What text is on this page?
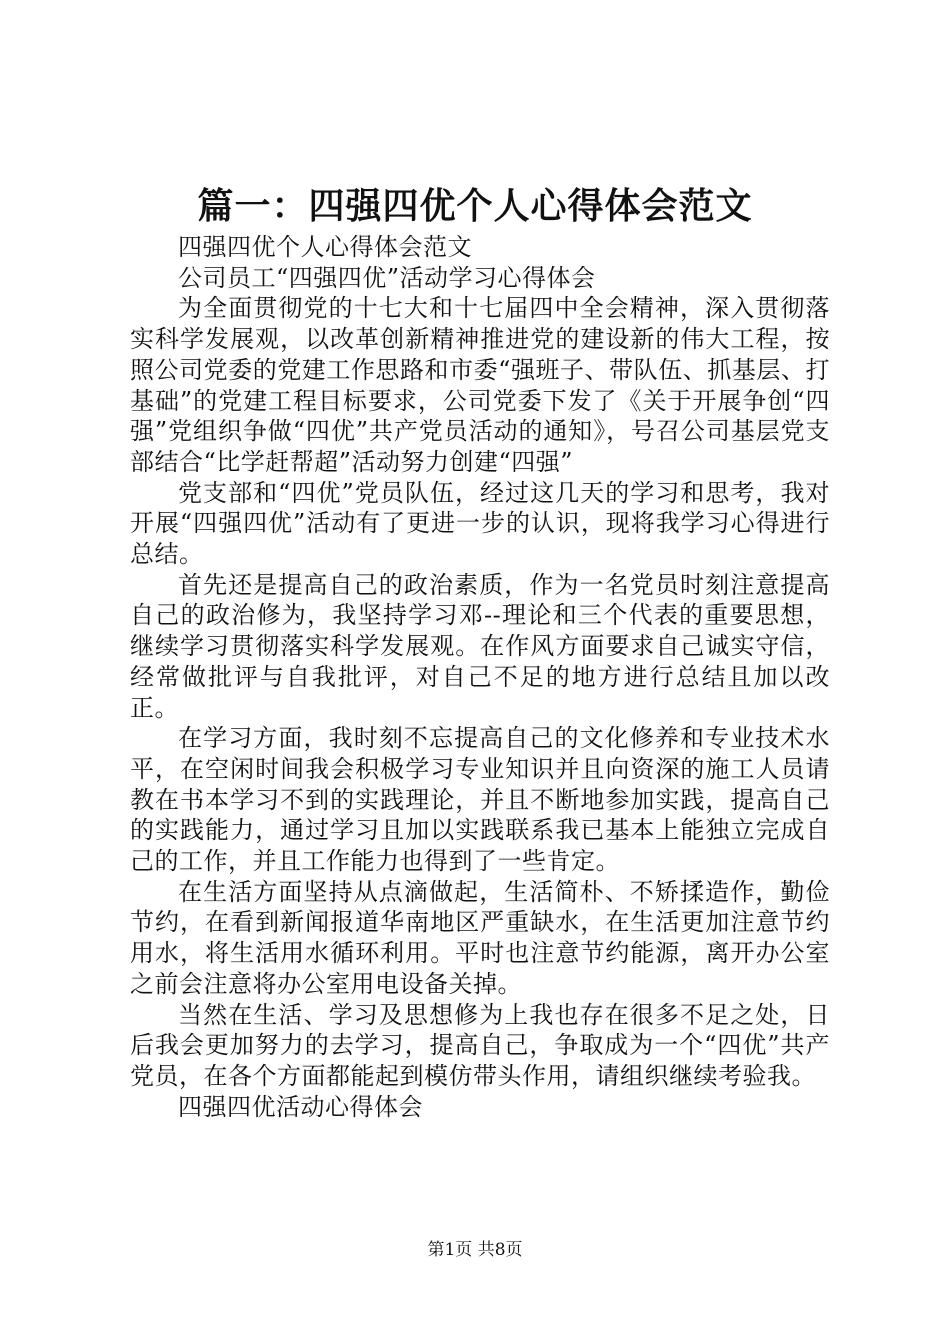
篇一：四强四优个人心得体会范文

四强四优个人心得体会范文

公司员工“四强四优”活动学习心得体会

为全面贯彻党的十七大和十七届四中全会精神，深入贯彻落实科学发展观，以改革创新精神推进党的建设新的伟大工程，按照公司党委的党建工作思路和市委“强班子、带队伍、抓基层、打基础”的党建工程目标要求，公司党委下发了《关于开展争创“四强”党组织争做“四优”共产党员活动的通知》，号召公司基层党支部结合“比学赶帮超”活动努力创建“四强”

党支部和“四优”党员队伍，经过这几天的学习和思考，我对开展“四强四优”活动有了更进一步的认识，现将我学习心得进行总结。

首先还是提高自己的政治素质，作为一名党员时刻注意提高自己的政治修为，我坚持学习邓--理论和三个代表的重要思想，继续学习贯彻落实科学发展观。在作风方面要求自己诚实守信，经常做批评与自我批评，对自己不足的地方进行总结且加以改正。

在学习方面，我时刻不忘提高自己的文化修养和专业技术水平，在空闲时间我会积极学习专业知识并且向资深的施工人员请教在书本学习不到的实践理论，并且不断地参加实践，提高自己的实践能力，通过学习且加以实践联系我已基本上能独立完成自己的工作，并且工作能力也得到了一些肯定。

在生活方面坚持从点滴做起，生活简朴、不矫揉造作，勤俭节约，在看到新闻报道华南地区严重缺水，在生活更加注意节约用水，将生活用水循环利用。平时也注意节约能源，离开办公室之前会注意将办公室用电设备关掉。

当然在生活、学习及思想修为上我也存在很多不足之处，日后我会更加努力的去学习，提高自己，争取成为一个“四优”共产党员，在各个方面都能起到模仿带头作用，请组织继续考验我。

四强四优活动心得体会

第1页 共8页
